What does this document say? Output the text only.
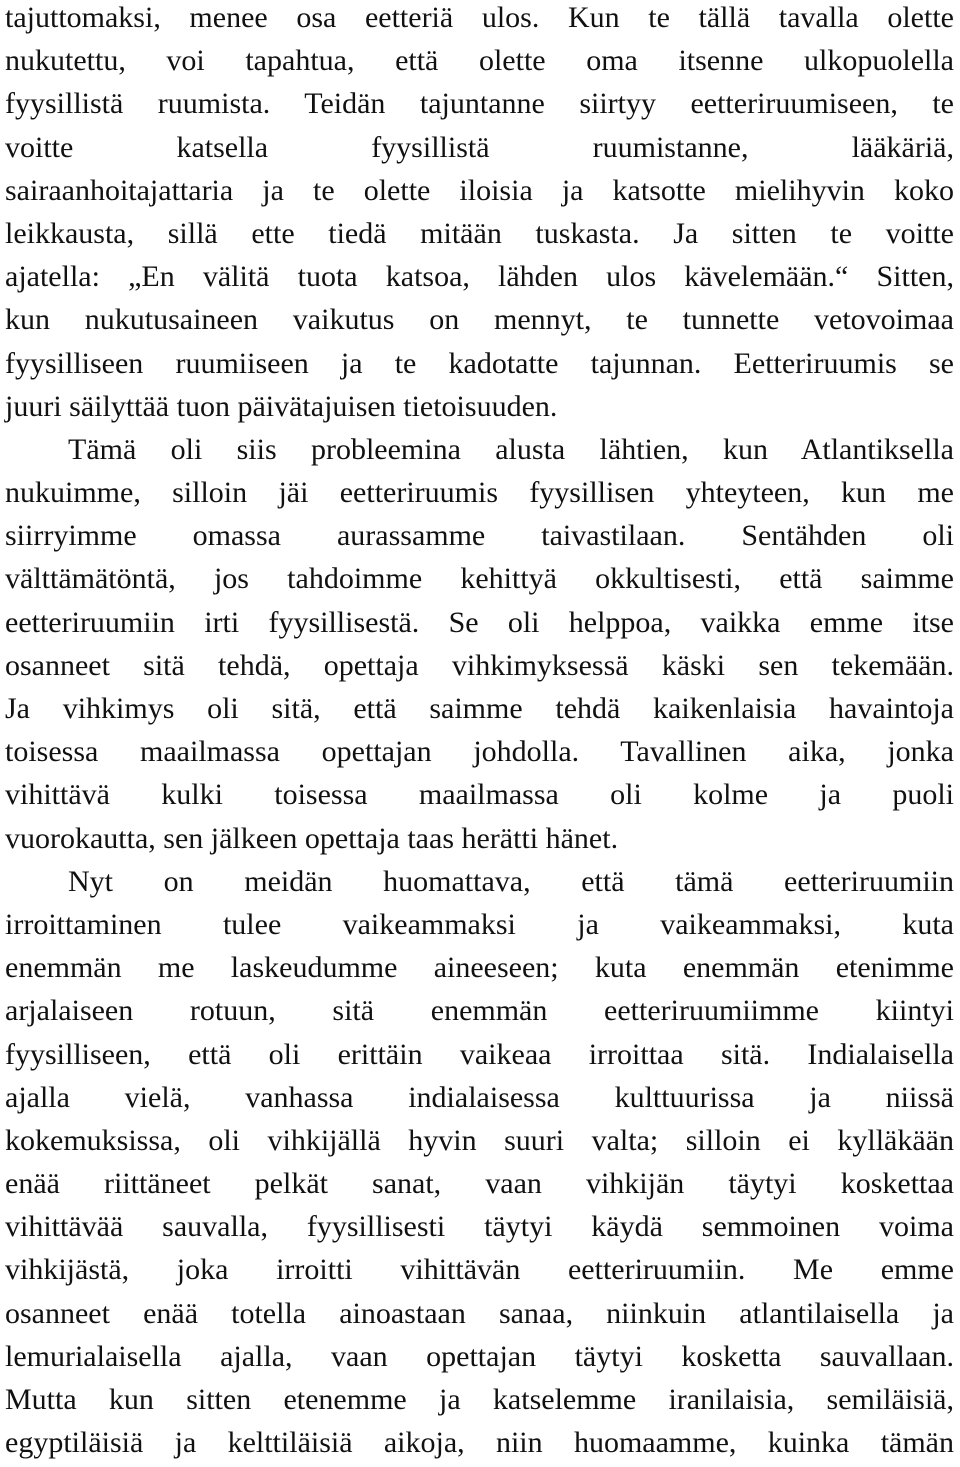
tajuttomaksi, menee osa eetteriä ulos. Kun te tällä tavalla olette
nukutettu, voi tapahtua, että olette oma itsenne ulkopuolella
fyysillistä ruumista. Teidän tajuntanne siirtyy eetteriruumiseen, te
voitte katsella fyysillistä ruumistanne, lääkäriä,
sairaanhoitajattaria ja te olette iloisia ja katsotte mielihyvin koko
leikkausta, sillä ette tiedä mitään tuskasta. Ja sitten te voitte
ajatella: „En välitä tuota katsoa, lähden ulos kävelemään.“ Sitten,
kun nukutusaineen vaikutus on mennyt, te tunnette vetovoimaa
fyysilliseen ruumiiseen ja te kadotatte tajunnan. Eetteriruumis se
juuri säilyttää tuon päivätajuisen tietoisuuden.
Tämä oli siis probleemina alusta lähtien, kun Atlantiksella
nukuimme, silloin jäi eetteriruumis fyysillisen yhteyteen, kun me
siirryimme omassa aurassamme taivastilaan. Sentähden oli
välttämätöntä, jos tahdoimme kehittyä okkultisesti, että saimme
eetteriruumiin irti fyysillisestä. Se oli helppoa, vaikka emme itse
osanneet sitä tehdä, opettaja vihkimyksessä käski sen tekemään.
Ja vihkimys oli sitä, että saimme tehdä kaikenlaisia havaintoja
toisessa maailmassa opettajan johdolla. Tavallinen aika, jonka
vihittävä kulki toisessa maailmassa oli kolme ja puoli
vuorokautta, sen jälkeen opettaja taas herätti hänet.
Nyt on meidän huomattava, että tämä eetteriruumiin
irroittaminen tulee vaikeammaksi ja vaikeammaksi, kuta
enemmän me laskeudumme aineeseen; kuta enemmän etenimme
arjalaiseen rotuun, sitä enemmän eetteriruumiimme kiintyi
fyysilliseen, että oli erittäin vaikeaa irroittaa sitä. Indialaisella
ajalla vielä, vanhassa indialaisessa kulttuurissa ja niissä
kokemuksissa, oli vihkijällä hyvin suuri valta; silloin ei kylläkään
enää riittäneet pelkät sanat, vaan vihkijän täytyi koskettaa
vihittävää sauvalla, fyysillisesti täytyi käydä semmoinen voima
vihkijästä, joka irroitti vihittävän eetteriruumiin. Me emme
osanneet enää totella ainoastaan sanaa, niinkuin atlantilaisella ja
lemurialaisella ajalla, vaan opettajan täytyi kosketta sauvallaan.
Mutta kun sitten etenemme ja katselemme iranilaisia, semiläisiä,
egyptiläisiä ja kelttiläisiä aikoja, niin huomaamme, kuinka tämän
